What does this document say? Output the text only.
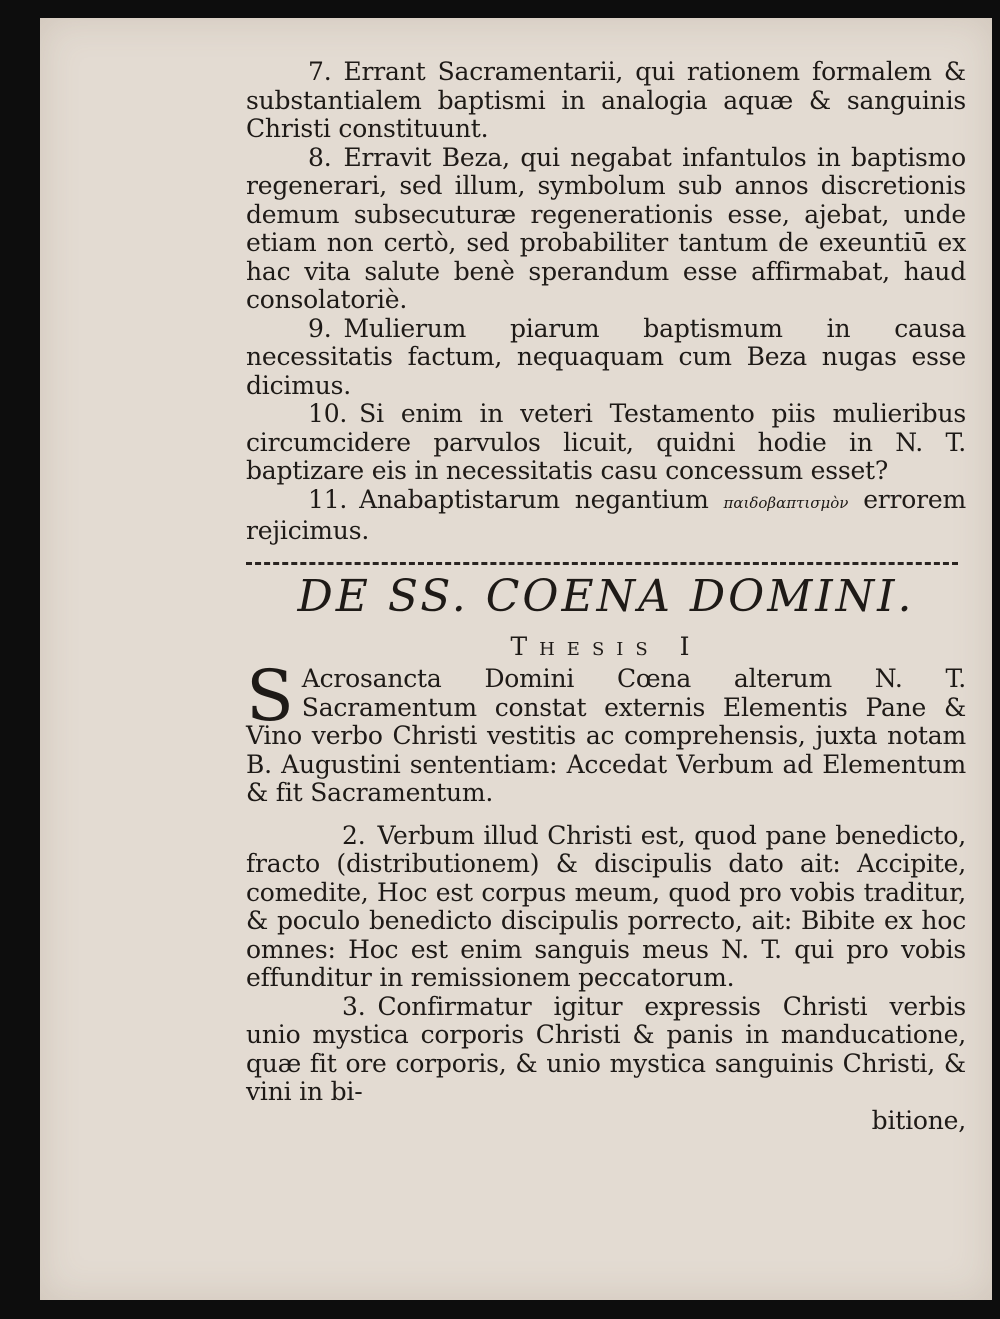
7. Errant Sacramentarii, qui rationem formalem & substantialem baptismi in analogia aquæ & sanguinis Christi constituunt.

8. Erravit Beza, qui negabat infantulos in baptismo regenerari, sed illum, symbolum sub annos discretionis demum subsecuturæ regenerationis esse, ajebat, unde etiam non certò, sed probabiliter tantum de exeuntiū ex hac vita salute benè sperandum esse affirmabat, haud consolatoriè.

9. Mulierum piarum baptismum in causa necessitatis factum, nequaquam cum Beza nugas esse dicimus.

10. Si enim in veteri Testamento piis mulieribus circumcidere parvulos licuit, quidni hodie in N. T. baptizare eis in necessitatis casu concessum esset?

11. Anabaptistarum negantium παιδοβαπτισμὸν errorem rejicimus.

DE SS. COENA DOMINI.
Thesis I

S Acrosancta Domini Cœna alterum N. T. Sacramentum constat externis Elementis Pane & Vino verbo Christi vestitis ac comprehensis, juxta notam B. Augustini sententiam: Accedat Verbum ad Elementum & fit Sacramentum.

2. Verbum illud Christi est, quod pane benedicto, fracto (distributionem) & discipulis dato ait: Accipite, comedite, Hoc est corpus meum, quod pro vobis traditur, & poculo benedicto discipulis porrecto, ait: Bibite ex hoc omnes: Hoc est enim sanguis meus N. T. qui pro vobis effunditur in remissionem peccatorum.

3. Confirmatur igitur expressis Christi verbis unio mystica corporis Christi & panis in manducatione, quæ fit ore corporis, & unio mystica sanguinis Christi, & vini in bi-

bitione,
